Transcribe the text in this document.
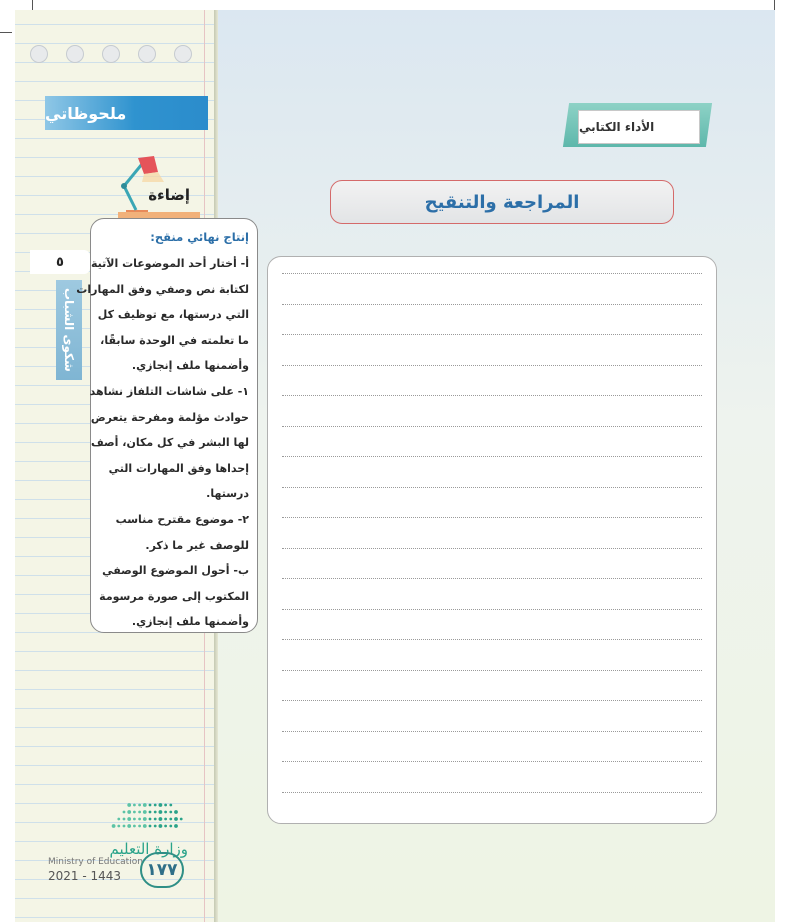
ملحوظاتي
إضاءة
٥
شكوى الشباب

إنتاج نهائي منقح:

أ- أختار أحد الموضوعات الآتية

لكتابة نص وصفي وفق المهارات

التي درستها، مع توظيف كل

ما تعلمته في الوحدة سابقًا،

وأضمنها ملف إنجازي.

١- على شاشات التلفاز نشاهد

حوادث مؤلمة ومفرحة يتعرض

لها البشر في كل مكان، أصف

إحداها وفق المهارات التي

درستها.

٢- موضوع مقترح مناسب

للوصف غير ما ذكر.

ب- أحول الموضوع الوصفي

المكتوب إلى صورة مرسومة

وأضمنها ملف إنجازي.

الأداء الكتابي
المراجعة والتنقيح
وزارة التعليم
Ministry of Education
2021 - 1443	١٧٧
